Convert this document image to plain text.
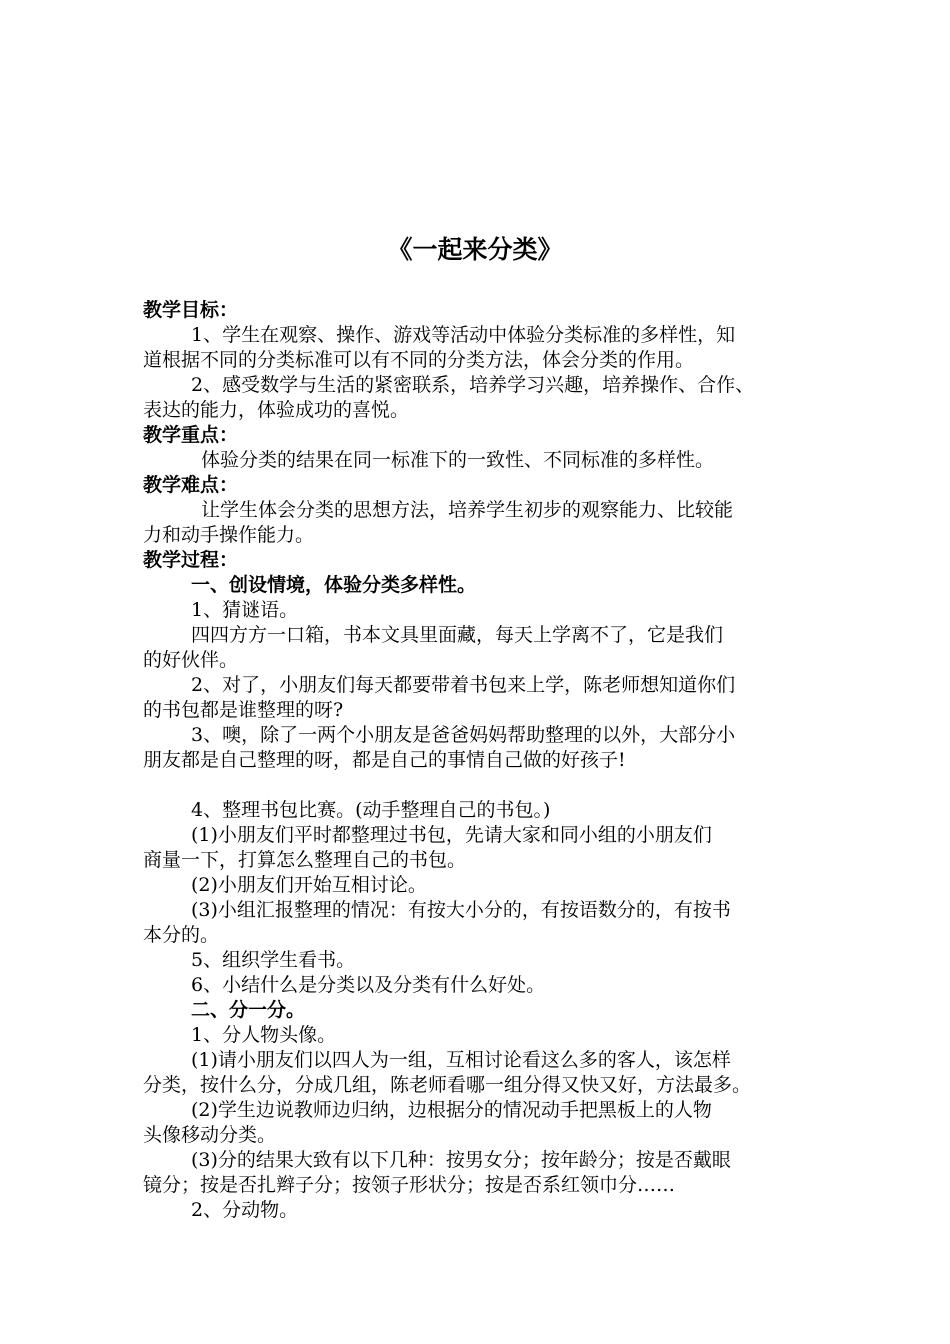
《一起来分类》
教学目标：
1、学生在观察、操作、游戏等活动中体验分类标准的多样性，知
道根据不同的分类标准可以有不同的分类方法，体会分类的作用。
2、感受数学与生活的紧密联系，培养学习兴趣，培养操作、合作、
表达的能力，体验成功的喜悦。
教学重点：
体验分类的结果在同一标准下的一致性、不同标准的多样性。
教学难点：
让学生体会分类的思想方法，培养学生初步的观察能力、比较能
力和动手操作能力。
教学过程：
一、创设情境，体验分类多样性。
1、猜谜语。
四四方方一口箱，书本文具里面藏，每天上学离不了，它是我们
的好伙伴。
2、对了，小朋友们每天都要带着书包来上学，陈老师想知道你们
的书包都是谁整理的呀?
3、噢，除了一两个小朋友是爸爸妈妈帮助整理的以外，大部分小
朋友都是自己整理的呀，都是自己的事情自己做的好孩子!
4、整理书包比赛。(动手整理自己的书包。)
(1)小朋友们平时都整理过书包，先请大家和同小组的小朋友们
商量一下，打算怎么整理自己的书包。
(2)小朋友们开始互相讨论。
(3)小组汇报整理的情况：有按大小分的，有按语数分的，有按书
本分的。
5、组织学生看书。
6、小结什么是分类以及分类有什么好处。
二、分一分。
1、分人物头像。
(1)请小朋友们以四人为一组，互相讨论看这么多的客人，该怎样
分类，按什么分，分成几组，陈老师看哪一组分得又快又好，方法最多。
(2)学生边说教师边归纳，边根据分的情况动手把黑板上的人物
头像移动分类。
(3)分的结果大致有以下几种：按男女分；按年龄分；按是否戴眼
镜分；按是否扎辫子分；按领子形状分；按是否系红领巾分……
2、分动物。
